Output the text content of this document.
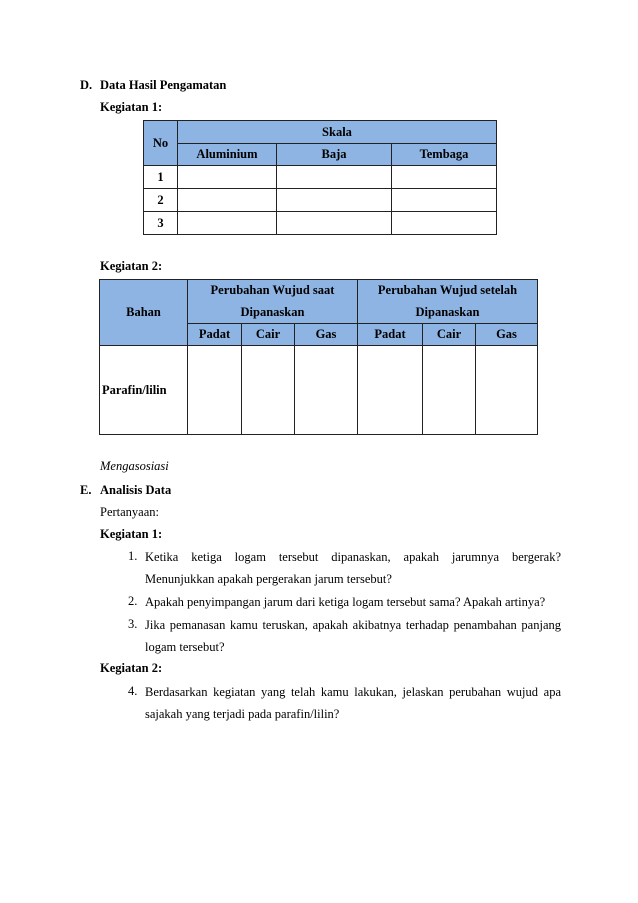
D. Data Hasil Pengamatan
Kegiatan 1:
No	Skala		
	Aluminium	Baja	Tembaga
1			
2			
3			
Kegiatan 2:
Bahan	Perubahan Wujud saat			Perubahan Wujud setelah		
	Dipanaskan			Dipanaskan		
	Padat	Cair	Gas	Padat	Cair	Gas
Parafin/lilin						
Mengasosiasi
E. Analisis Data
Pertanyaan:
Kegiatan 1:
1. Ketika ketiga logam tersebut dipanaskan, apakah jarumnya bergerak?
Menunjukkan apakah pergerakan jarum tersebut?
2. Apakah penyimpangan jarum dari ketiga logam tersebut sama? Apakah artinya?
3. Jika pemanasan kamu teruskan, apakah akibatnya terhadap penambahan panjang
logam tersebut?
Kegiatan 2:
4. Berdasarkan kegiatan yang telah kamu lakukan, jelaskan perubahan wujud apa
sajakah yang terjadi pada parafin/lilin?
